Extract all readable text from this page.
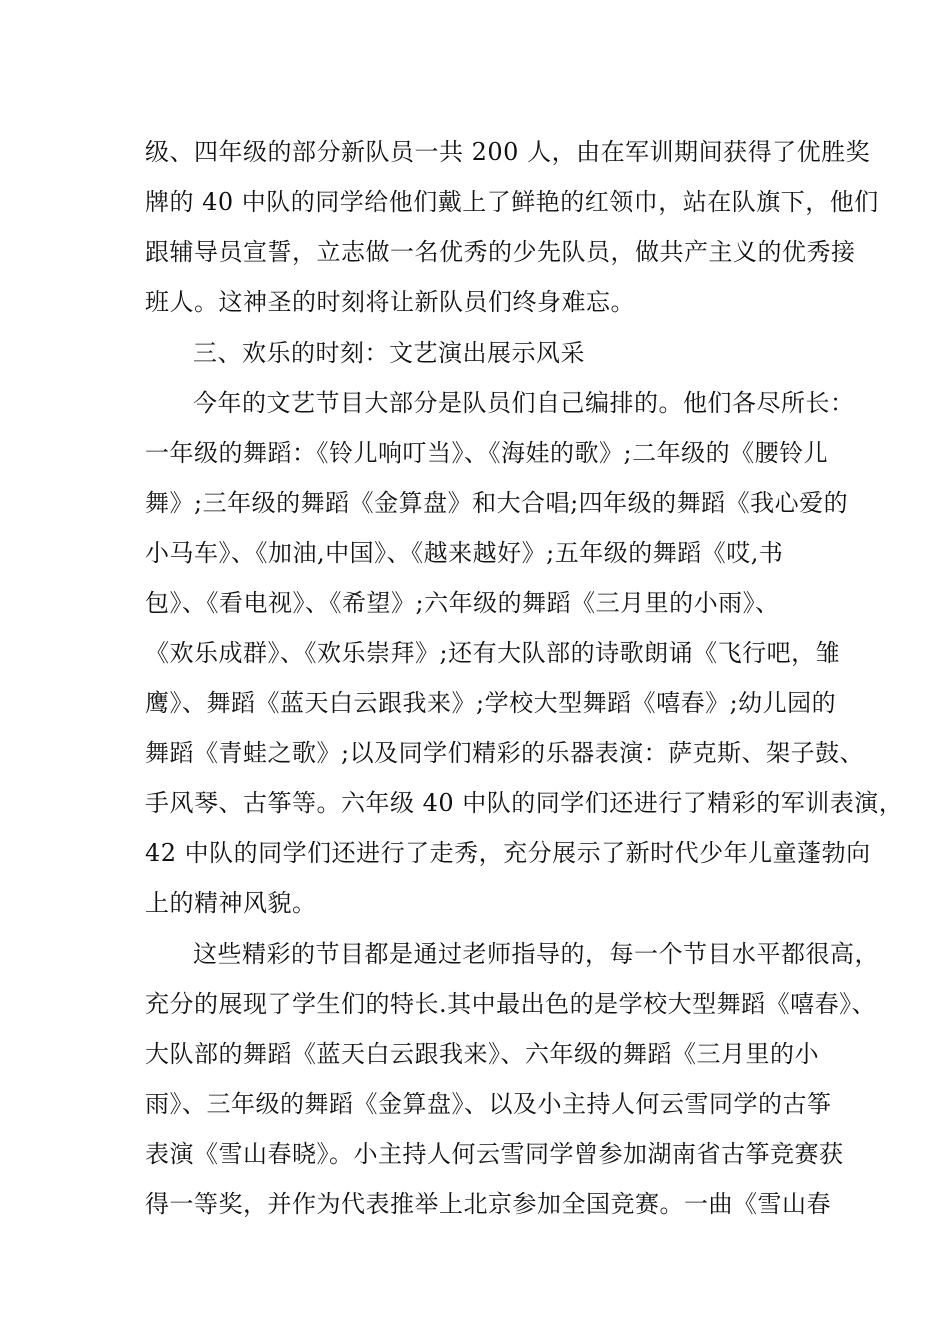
级、四年级的部分新队员一共 200 人，由在军训期间获得了优胜奖
牌的 40 中队的同学给他们戴上了鲜艳的红领巾，站在队旗下，他们
跟辅导员宣誓，立志做一名优秀的少先队员，做共产主义的优秀接
班人。这神圣的时刻将让新队员们终身难忘。
三、欢乐的时刻：文艺演出展示风采
今年的文艺节目大部分是队员们自己编排的。他们各尽所长：
一年级的舞蹈：《铃儿响叮当》、《海娃的歌》;二年级的《腰铃儿
舞》;三年级的舞蹈《金算盘》和大合唱;四年级的舞蹈《我心爱的
小马车》、《加油,中国》、《越来越好》;五年级的舞蹈《哎,书
包》、《看电视》、《希望》;六年级的舞蹈《三月里的小雨》、
《欢乐成群》、《欢乐崇拜》;还有大队部的诗歌朗诵《飞行吧，雏
鹰》、舞蹈《蓝天白云跟我来》;学校大型舞蹈《嘻春》;幼儿园的
舞蹈《青蛙之歌》;以及同学们精彩的乐器表演：萨克斯、架子鼓、
手风琴、古筝等。六年级 40 中队的同学们还进行了精彩的军训表演，
42 中队的同学们还进行了走秀，充分展示了新时代少年儿童蓬勃向
上的精神风貌。
这些精彩的节目都是通过老师指导的，每一个节目水平都很高，
充分的展现了学生们的特长.其中最出色的是学校大型舞蹈《嘻春》、
大队部的舞蹈《蓝天白云跟我来》、六年级的舞蹈《三月里的小
雨》、三年级的舞蹈《金算盘》、以及小主持人何云雪同学的古筝
表演《雪山春晓》。小主持人何云雪同学曾参加湖南省古筝竞赛获
得一等奖，并作为代表推举上北京参加全国竞赛。一曲《雪山春
